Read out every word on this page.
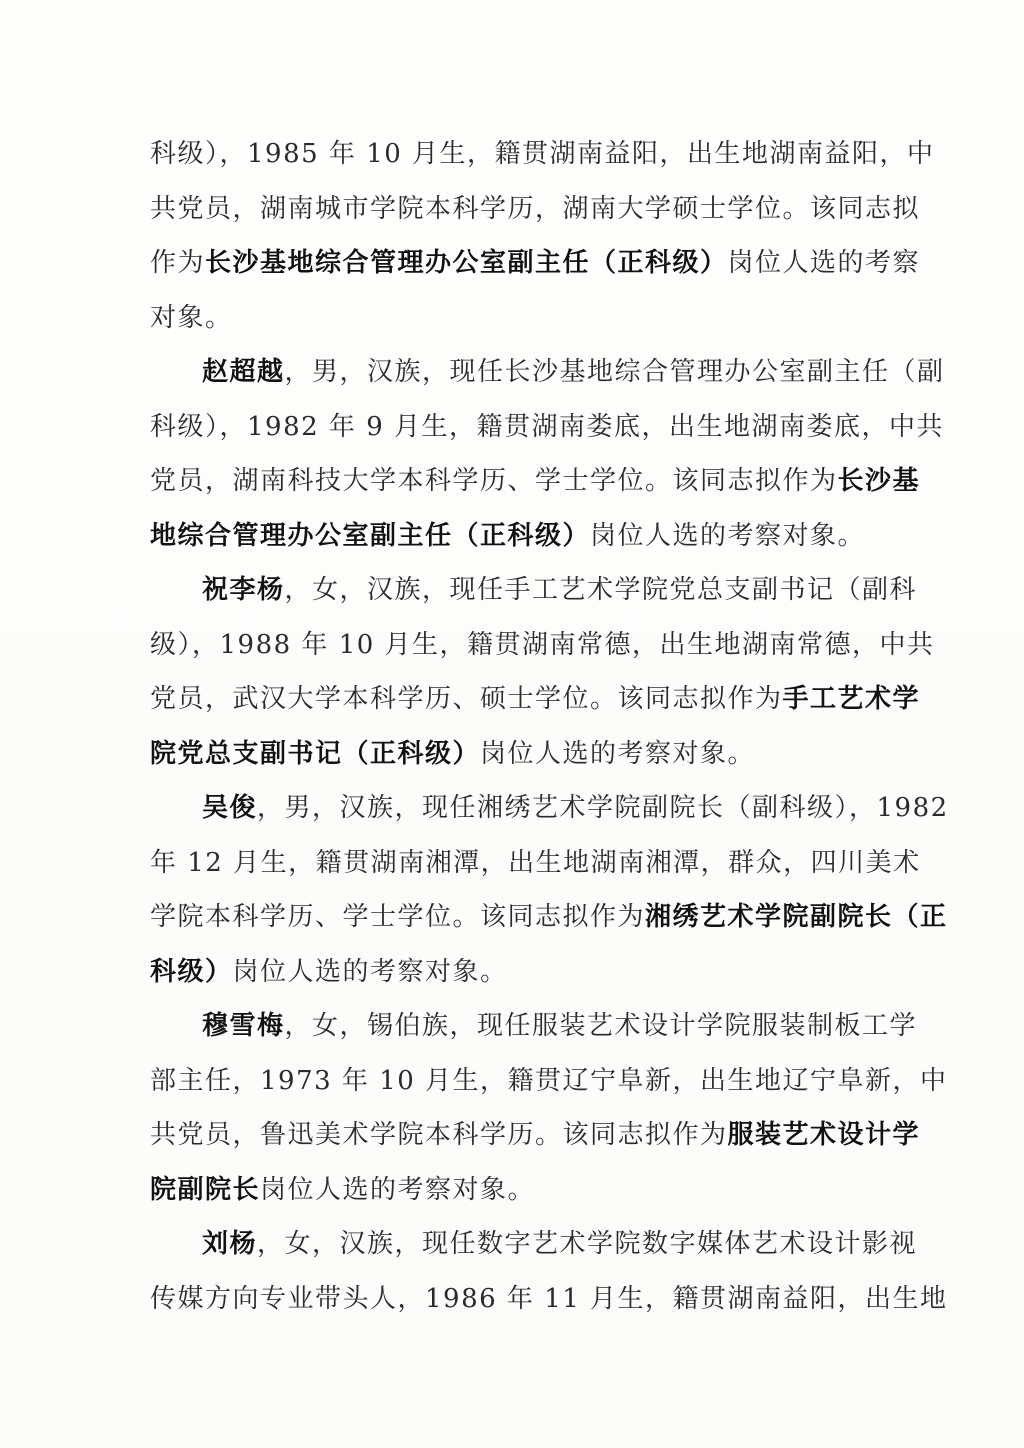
科级），1985 年 10 月生，籍贯湖南益阳，出生地湖南益阳，中
共党员，湖南城市学院本科学历，湖南大学硕士学位。该同志拟
作为长沙基地综合管理办公室副主任（正科级）岗位人选的考察
对象。
赵超越，男，汉族，现任长沙基地综合管理办公室副主任（副
科级），1982 年 9 月生，籍贯湖南娄底，出生地湖南娄底，中共
党员，湖南科技大学本科学历、学士学位。该同志拟作为长沙基
地综合管理办公室副主任（正科级）岗位人选的考察对象。
祝李杨，女，汉族，现任手工艺术学院党总支副书记（副科
级），1988 年 10 月生，籍贯湖南常德，出生地湖南常德，中共
党员，武汉大学本科学历、硕士学位。该同志拟作为手工艺术学
院党总支副书记（正科级）岗位人选的考察对象。
吴俊，男，汉族，现任湘绣艺术学院副院长（副科级），1982
年 12 月生，籍贯湖南湘潭，出生地湖南湘潭，群众，四川美术
学院本科学历、学士学位。该同志拟作为湘绣艺术学院副院长（正
科级）岗位人选的考察对象。
穆雪梅，女，锡伯族，现任服装艺术设计学院服装制板工学
部主任，1973 年 10 月生，籍贯辽宁阜新，出生地辽宁阜新，中
共党员，鲁迅美术学院本科学历。该同志拟作为服装艺术设计学
院副院长岗位人选的考察对象。
刘杨，女，汉族，现任数字艺术学院数字媒体艺术设计影视
传媒方向专业带头人，1986 年 11 月生，籍贯湖南益阳，出生地
